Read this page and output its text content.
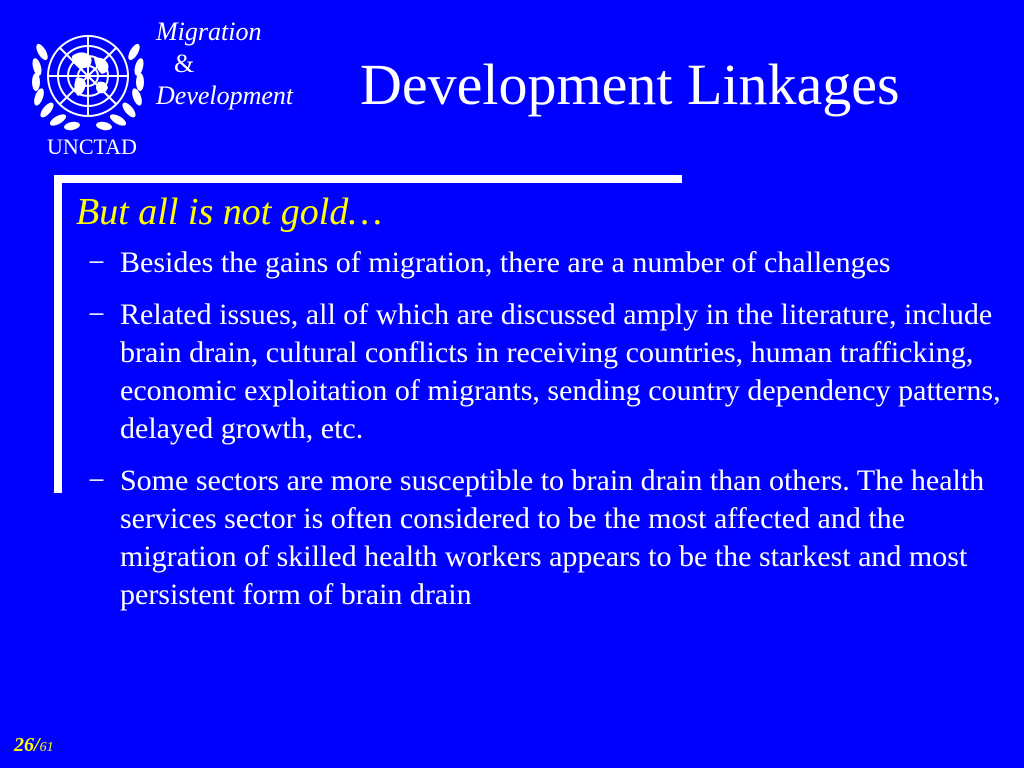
UNCTAD
Migration
&
Development	Development Linkages
But all is not gold…
− Besides the gains of migration, there are a number of challenges
− Related issues, all of which are discussed amply in the literature, include brain drain, cultural conflicts in receiving countries, human trafficking, economic exploitation of migrants, sending country dependency patterns, delayed growth, etc.
− Some sectors are more susceptible to brain drain than others. The health services sector is often considered to be the most affected and the migration of skilled health workers appears to be the starkest and most persistent form of brain drain
26/61
